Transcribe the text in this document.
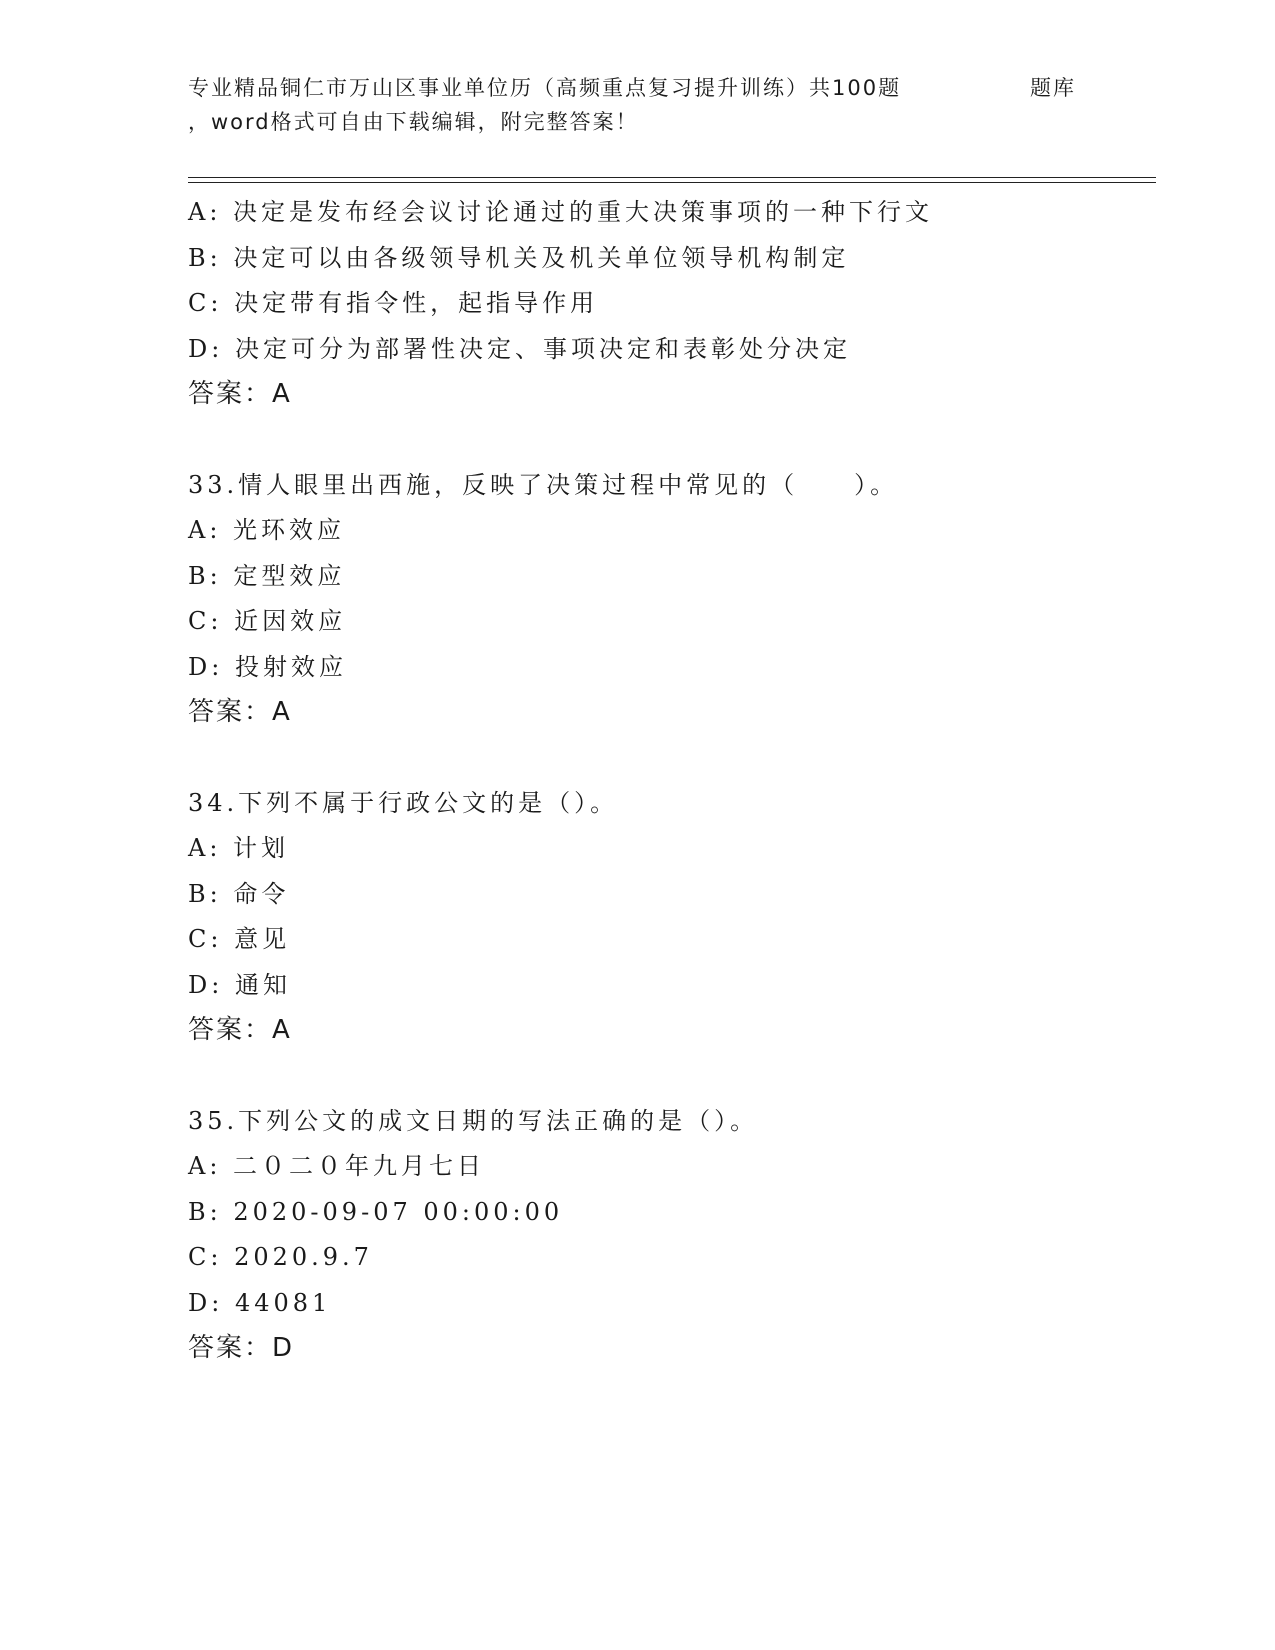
专业精品铜仁市万山区事业单位历（高频重点复习提升训练）共100题	题库
，word格式可自由下载编辑，附完整答案！
A: 决定是发布经会议讨论通过的重大决策事项的一种下行文
B: 决定可以由各级领导机关及机关单位领导机构制定
C: 决定带有指令性，起指导作用
D: 决定可分为部署性决定、事项决定和表彰处分决定
答案：A
33.情人眼里出西施，反映了决策过程中常见的（　　）。
A: 光环效应
B: 定型效应
C: 近因效应
D: 投射效应
答案：A
34.下列不属于行政公文的是（）。
A: 计划
B: 命令
C: 意见
D: 通知
答案：A
35.下列公文的成文日期的写法正确的是（）。
A: 二０二０年九月七日
B: 2020-09-07 00:00:00
C: 2020.9.7
D: 44081
答案：D
